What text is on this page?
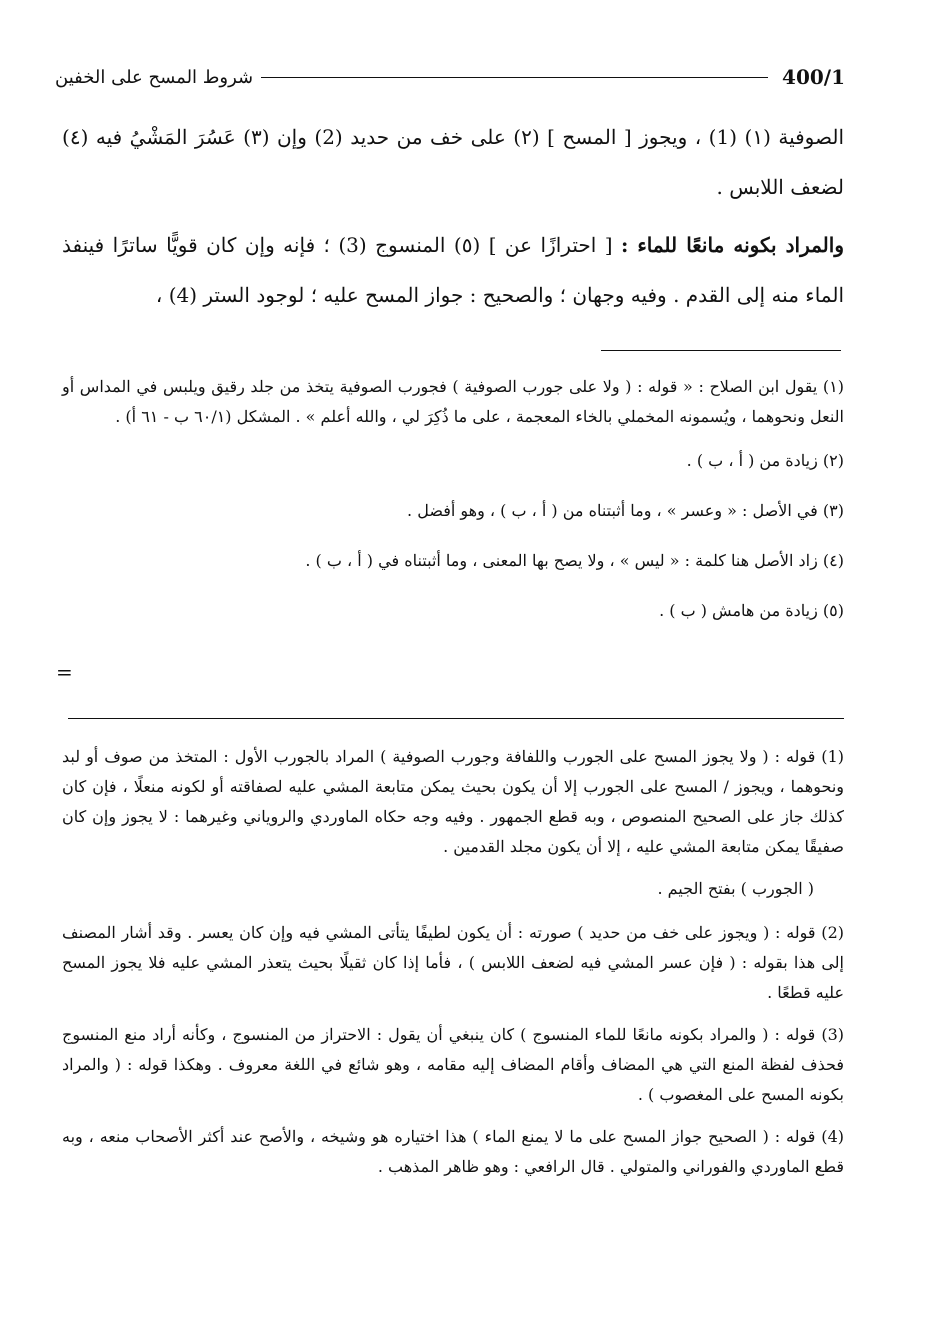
400/1
شروط المسح على الخفين

الصوفية (١) (1) ، ويجوز [ المسح ] (٢) على خف من حديد (2) وإن (٣) عَسُرَ المَشْيُ فيه (٤) لضعف اللابس .

والمراد بكونه مانعًا للماء : [ احترازًا عن ] (٥) المنسوج (3) ؛ فإنه وإن كان قويًّا ساترًا فينفذ الماء منه إلى القدم . وفيه وجهان ؛ والصحيح : جواز المسح عليه ؛ لوجود الستر (4) ،

(١) يقول ابن الصلاح : « قوله : ( ولا على جورب الصوفية ) فجورب الصوفية يتخذ من جلد رقيق ويلبس في المداس أو النعل ونحوهما ، ويُسمونه المخملي بالخاء المعجمة ، على ما ذُكِرَ لي ، والله أعلم » . المشكل (٦٠/١ ب - ٦١ أ) .

(٢) زيادة من ( أ ، ب ) .

(٣) في الأصل : « وعسر » ، وما أثبتناه من ( أ ، ب ) ، وهو أفضل .

(٤) زاد الأصل هنا كلمة : « ليس » ، ولا يصح بها المعنى ، وما أثبتناه في ( أ ، ب ) .

(٥) زيادة من هامش ( ب ) .

=

(1) قوله : ( ولا يجوز المسح على الجورب واللفافة وجورب الصوفية ) المراد بالجورب الأول : المتخذ من صوف أو لبد ونحوهما ، ويجوز / المسح على الجورب إلا أن يكون بحيث يمكن متابعة المشي عليه لصفاقته أو لكونه منعلًا ، فإن كان كذلك جاز على الصحيح المنصوص ، وبه قطع الجمهور . وفيه وجه حكاه الماوردي والروياني وغيرهما : لا يجوز وإن كان صفيقًا يمكن متابعة المشي عليه ، إلا أن يكون مجلد القدمين .

( الجورب ) بفتح الجيم .

(2) قوله : ( ويجوز على خف من حديد ) صورته : أن يكون لطيفًا يتأتى المشي فيه وإن كان يعسر . وقد أشار المصنف إلى هذا بقوله : ( فإن عسر المشي فيه لضعف اللابس ) ، فأما إذا كان ثقيلًا بحيث يتعذر المشي عليه فلا يجوز المسح عليه قطعًا .

(3) قوله : ( والمراد بكونه مانعًا للماء المنسوج ) كان ينبغي أن يقول : الاحتراز من المنسوج ، وكأنه أراد منع المنسوج فحذف لفظة المنع التي هي المضاف وأقام المضاف إليه مقامه ، وهو شائع في اللغة معروف . وهكذا قوله : ( والمراد بكونه المسح على المغصوب ) .

(4) قوله : ( الصحيح جواز المسح على ما لا يمنع الماء ) هذا اختياره هو وشيخه ، والأصح عند أكثر الأصحاب منعه ، وبه قطع الماوردي والفوراني والمتولي . قال الرافعي : وهو ظاهر المذهب .
